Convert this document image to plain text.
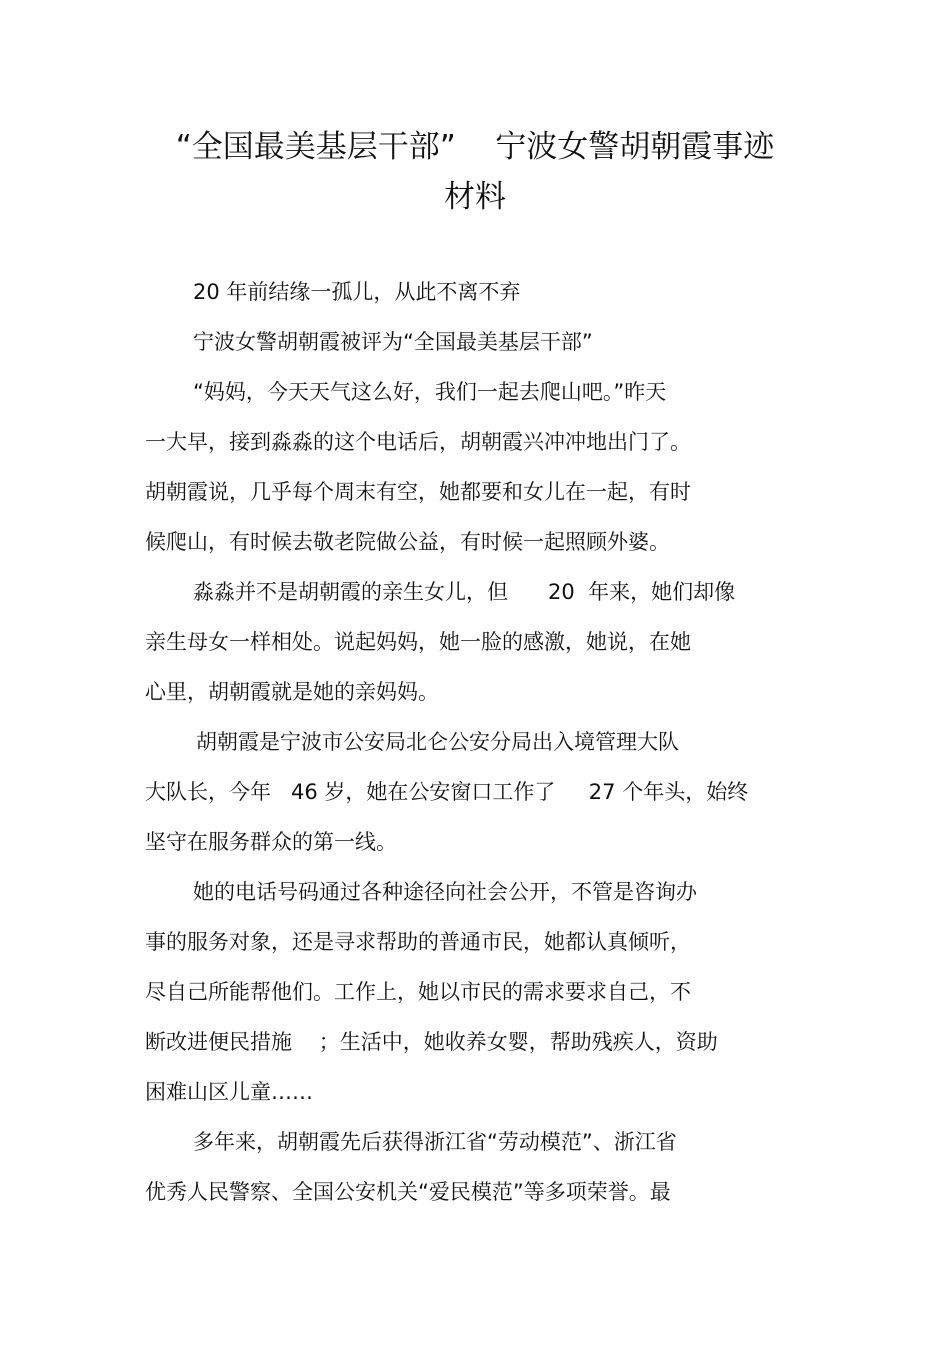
“全国最美基层干部”    宁波女警胡朝霞事迹
材料
20 年前结缘一孤儿，从此不离不弃
宁波女警胡朝霞被评为“全国最美基层干部”
“妈妈，今天天气这么好，我们一起去爬山吧。”昨天
一大早，接到淼淼的这个电话后，胡朝霞兴冲冲地出门了。
胡朝霞说，几乎每个周末有空，她都要和女儿在一起，有时
候爬山，有时候去敬老院做公益，有时候一起照顾外婆。
淼淼并不是胡朝霞的亲生女儿，但      20  年来，她们却像
亲生母女一样相处。说起妈妈，她一脸的感激，她说，在她
心里，胡朝霞就是她的亲妈妈。
胡朝霞是宁波市公安局北仑公安分局出入境管理大队
大队长，今年   46 岁，她在公安窗口工作了     27 个年头，始终
坚守在服务群众的第一线。
她的电话号码通过各种途径向社会公开，不管是咨询办
事的服务对象，还是寻求帮助的普通市民，她都认真倾听，
尽自己所能帮他们。工作上，她以市民的需求要求自己，不
断改进便民措施    ；生活中，她收养女婴，帮助残疾人，资助
困难山区儿童……
多年来，胡朝霞先后获得浙江省“劳动模范”、浙江省
优秀人民警察、全国公安机关“爱民模范”等多项荣誉。最
